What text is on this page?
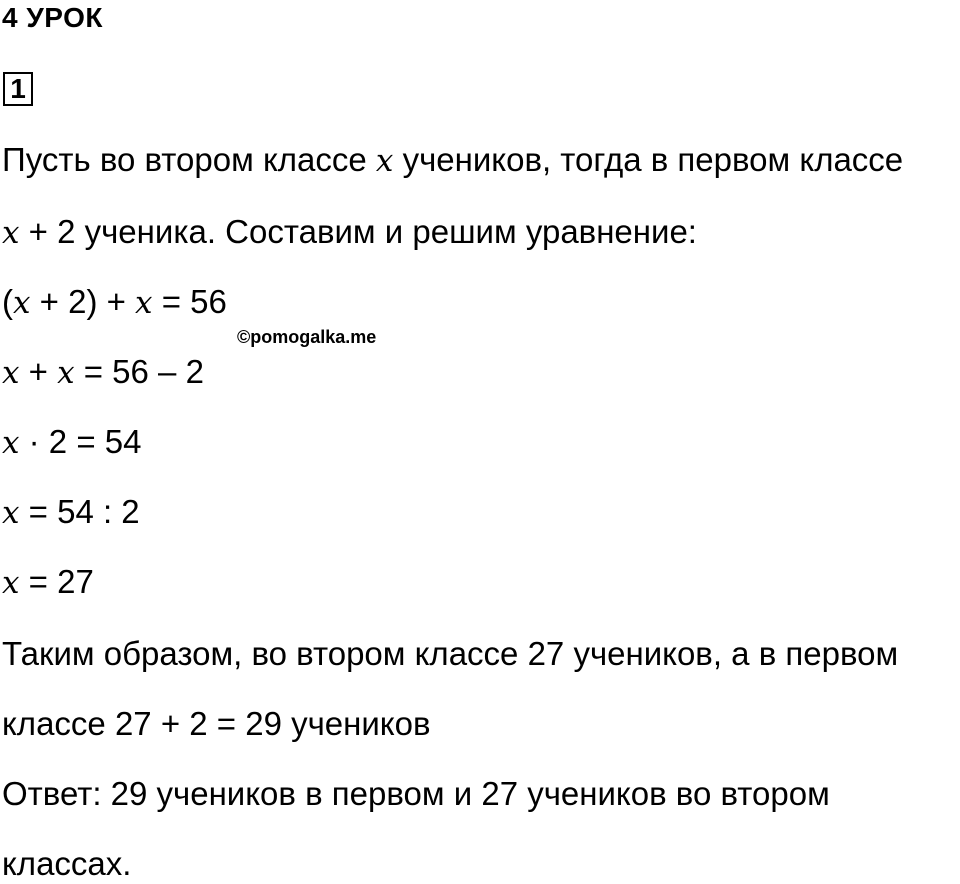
4 УРОК
1
Пусть во втором классе x учеников, тогда в первом классе
x + 2 ученика. Составим и решим уравнение:
(x + 2) + x = 56
©pomogalka.me
x + x = 56 – 2
x · 2 = 54
x = 54 : 2
x = 27
Таким образом, во втором классе 27 учеников, а в первом
классе 27 + 2 = 29 учеников
Ответ: 29 учеников в первом и 27 учеников во втором
классах.
